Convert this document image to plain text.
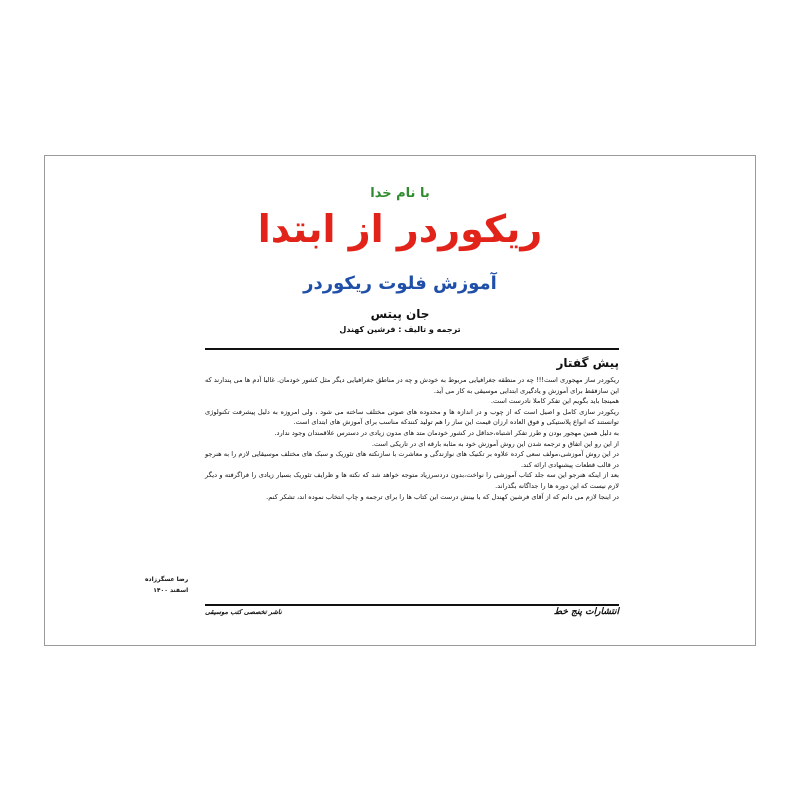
با نام خدا
ریکوردر از ابتدا
آموزش فلوت ریکوردر
جان پیتس
ترجمه و تالیف : فرشین کهندل
پیش گفتار

ریکوردر ساز مهجوری است!!! چه در منطقه جغرافیایی مربوط به خودش و چه در مناطق جغرافیایی دیگر مثل کشور خودمان. غالبا آدم ها می پندارند که این سازفقط برای آموزش و یادگیری ابتدایی موسیقی به کار می آید.

همینجا باید بگویم این تفکر کاملا نادرست است.

ریکوردر سازی کامل و اصیل است که از چوب و در اندازه ها و محدوده های صوتی مختلف ساخته می شود ، ولی امروزه به دلیل پیشرفت تکنولوژی توانستند که انواع پلاستیکی و فوق العاده ارزان قیمت این ساز را هم تولید کنندکه مناسب برای آموزش های ابتدای است.

به دلیل همین مهجور بودن و طرز تفکر اشتباه،حداقل در کشور خودمان متد های مدون زیادی در دسترس علاقمندان وجود ندارد.

از این رو این اتفاق و ترجمه شدن این روش آموزش خود به مثابه بارقه ای در تاریکی است.

در این روش آموزشی،مولف سعی کرده علاوه بر تکنیک های نوازندگی و معاشرت با سازنکته های تئوریک و سبک های مختلف موسیقایی لازم را به هنرجو در قالب قطعات پیشنهادی ارائه کند.

بعد از اینکه هنرجو این سه جلد کتاب آموزشی را نواخت،بدون دردسرزیاد متوجه خواهد شد که نکته ها و ظرایف تئوریک بسیار زیادی را فراگرفته و دیگر لازم نیست که این دوره ها را جداگانه بگذراند.

در اینجا لازم می دانم که از آقای فرشین کهندل که با بینش درست این کتاب ها را برای ترجمه و چاپ انتخاب نموده اند، تشکر کنم.

رضا عسگرزاده
اسفند ۱۴۰۰
انتشارات پنج خط
ناشر تخصصی کتب موسیقی
